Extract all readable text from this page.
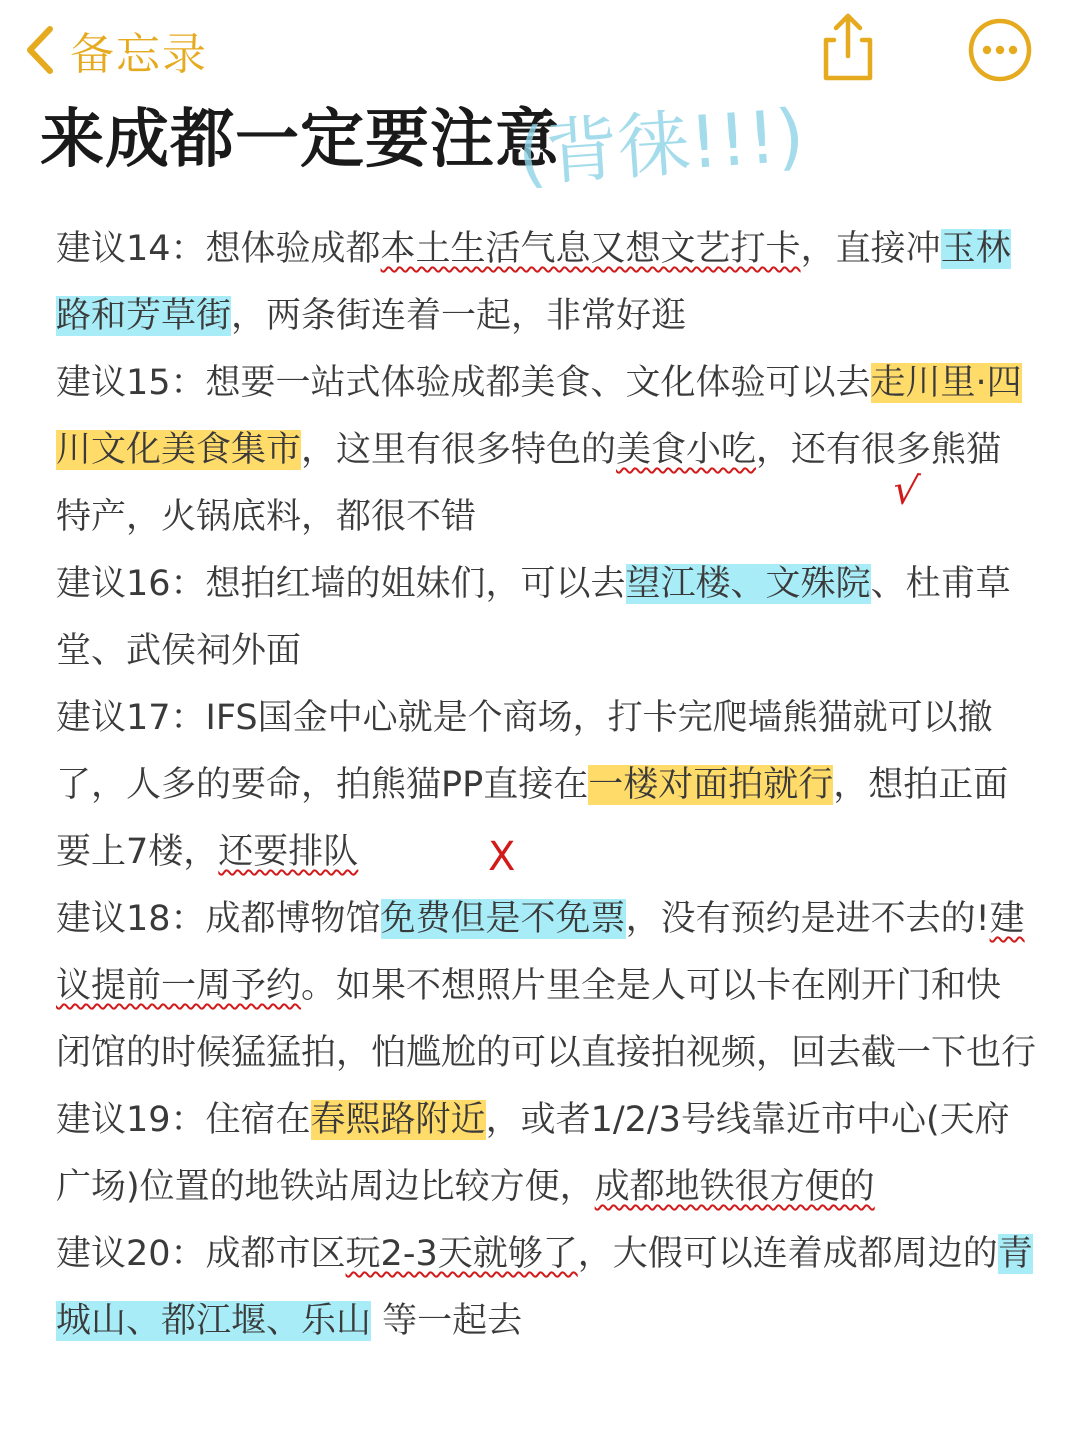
备忘录
来成都一定要注意
(背徕!!!)

建议14：想体验成都本土生活气息又想文艺打卡，直接冲玉林路和芳草街，两条街连着一起，非常好逛

建议15：想要一站式体验成都美食、文化体验可以去走川里·四川文化美食集市，这里有很多特色的美食小吃，还有很多熊猫特产，火锅底料，都很不错

建议16：想拍红墙的姐妹们，可以去望江楼、文殊院、杜甫草堂、武侯祠外面

建议17：IFS国金中心就是个商场，打卡完爬墙熊猫就可以撤了，人多的要命，拍熊猫PP直接在一楼对面拍就行，想拍正面要上7楼，还要排队

建议18：成都博物馆免费但是不免票，没有预约是进不去的!建议提前一周予约。如果不想照片里全是人可以卡在刚开门和快闭馆的时候猛猛拍，怕尴尬的可以直接拍视频，回去截一下也行

建议19：住宿在春熙路附近，或者1/2/3号线靠近市中心(天府广场)位置的地铁站周边比较方便，成都地铁很方便的

建议20：成都市区玩2-3天就够了，大假可以连着成都周边的青城山、都江堰、乐山 等一起去

√
X
